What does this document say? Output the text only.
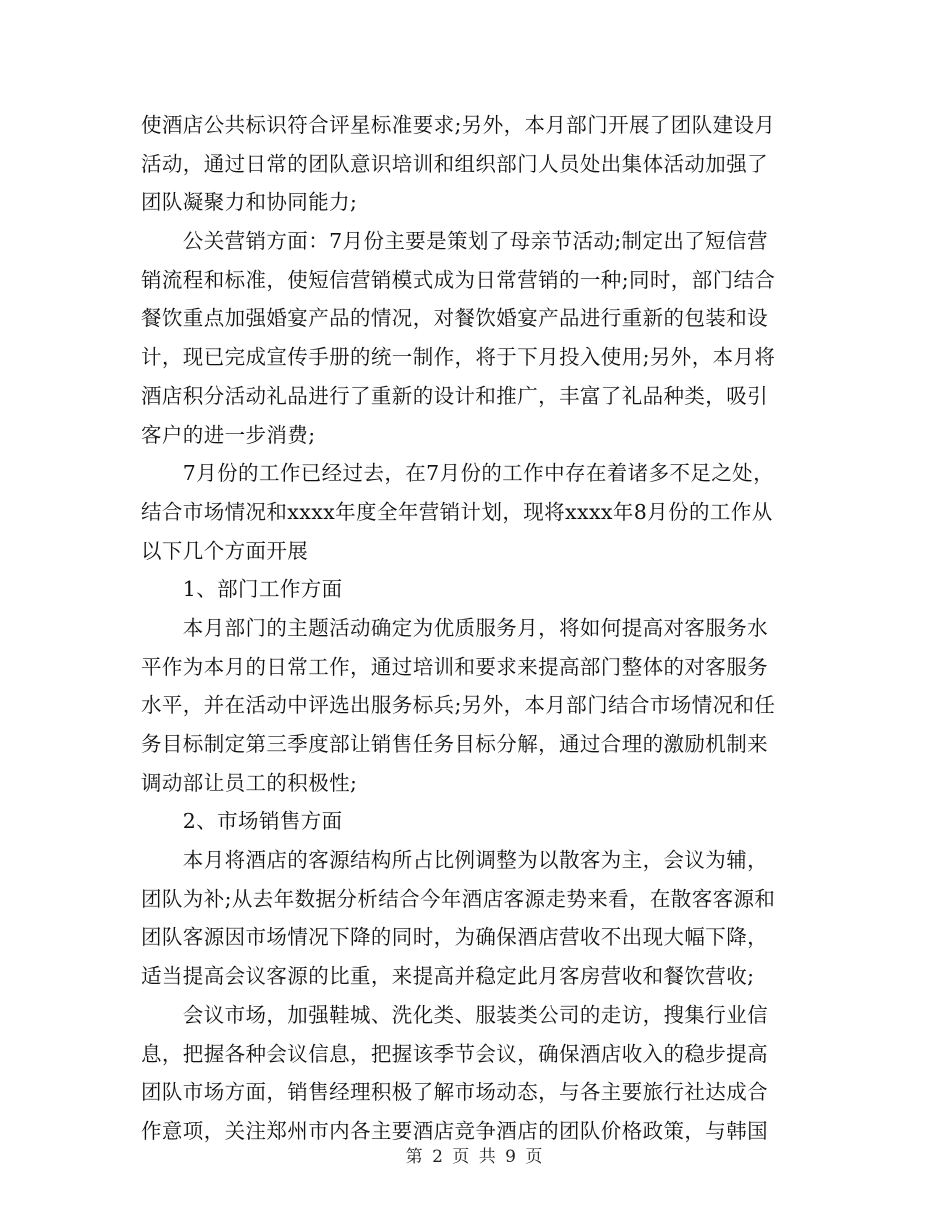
使酒店公共标识符合评星标准要求;另外，本月部门开展了团队建设月
活动，通过日常的团队意识培训和组织部门人员处出集体活动加强了
团队凝聚力和协同能力;
　　公关营销方面：7月份主要是策划了母亲节活动;制定出了短信营
销流程和标准，使短信营销模式成为日常营销的一种;同时，部门结合
餐饮重点加强婚宴产品的情况，对餐饮婚宴产品进行重新的包装和设
计，现已完成宣传手册的统一制作，将于下月投入使用;另外，本月将
酒店积分活动礼品进行了重新的设计和推广，丰富了礼品种类，吸引
客户的进一步消费;
　　7月份的工作已经过去，在7月份的工作中存在着诸多不足之处，
结合市场情况和xxxx年度全年营销计划，现将xxxx年8月份的工作从
以下几个方面开展
　　1、部门工作方面
　　本月部门的主题活动确定为优质服务月，将如何提高对客服务水
平作为本月的日常工作，通过培训和要求来提高部门整体的对客服务
水平，并在活动中评选出服务标兵;另外，本月部门结合市场情况和任
务目标制定第三季度部让销售任务目标分解，通过合理的激励机制来
调动部让员工的积极性;
　　2、市场销售方面
　　本月将酒店的客源结构所占比例调整为以散客为主，会议为辅，
团队为补;从去年数据分析结合今年酒店客源走势来看，在散客客源和
团队客源因市场情况下降的同时，为确保酒店营收不出现大幅下降，
适当提高会议客源的比重，来提高并稳定此月客房营收和餐饮营收;
　　会议市场，加强鞋城、洗化类、服装类公司的走访，搜集行业信
息，把握各种会议信息，把握该季节会议，确保酒店收入的稳步提高
团队市场方面，销售经理积极了解市场动态，与各主要旅行社达成合
作意项，关注郑州市内各主要酒店竞争酒店的团队价格政策，与韩国
第 2 页 共 9 页
